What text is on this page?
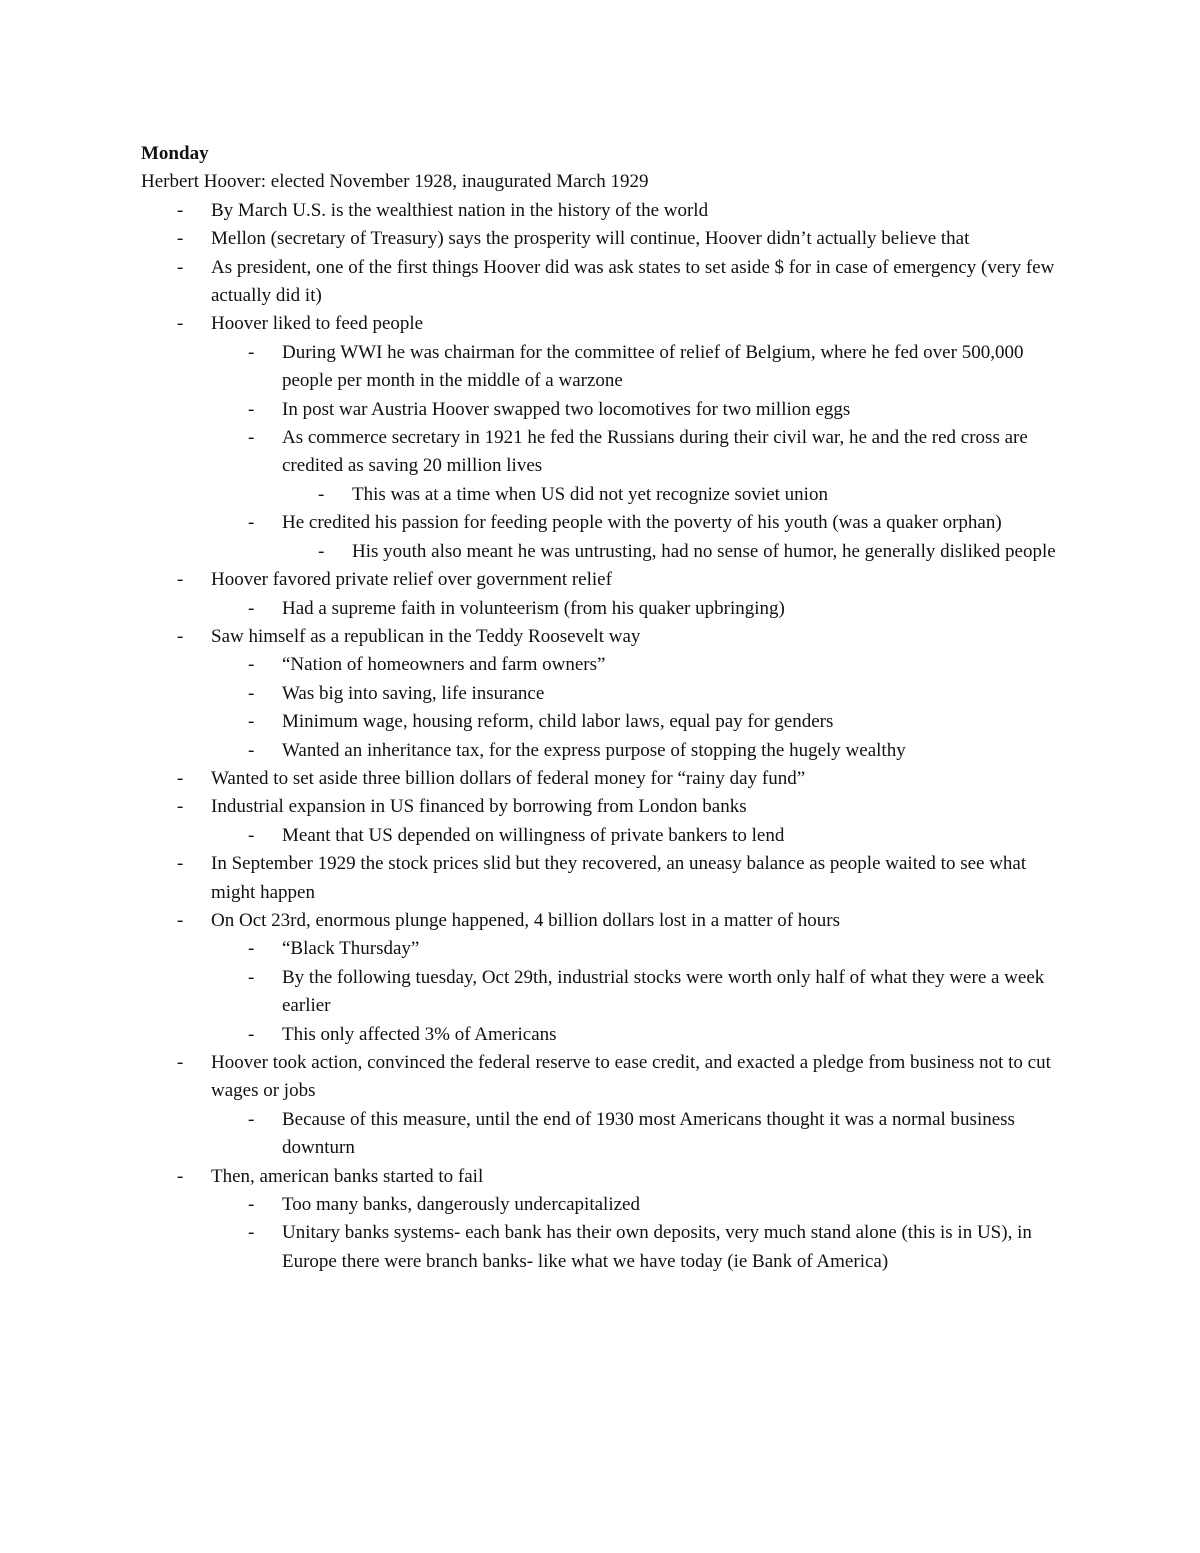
Monday

Herbert Hoover: elected November 1928, inaugurated March 1929

- By March U.S. is the wealthiest nation in the history of the world
- Mellon (secretary of Treasury) says the prosperity will continue, Hoover didn’t actually believe that
- As president, one of the first things Hoover did was ask states to set aside $ for in case of emergency (very few actually did it)
- Hoover liked to feed people
- During WWI he was chairman for the committee of relief of Belgium, where he fed over 500,000 people per month in the middle of a warzone
- In post war Austria Hoover swapped two locomotives for two million eggs
- As commerce secretary in 1921 he fed the Russians during their civil war, he and the red cross are credited as saving 20 million lives
- This was at a time when US did not yet recognize soviet union
- He credited his passion for feeding people with the poverty of his youth (was a quaker orphan)
- His youth also meant he was untrusting, had no sense of humor, he generally disliked people
- Hoover favored private relief over government relief
- Had a supreme faith in volunteerism (from his quaker upbringing)
- Saw himself as a republican in the Teddy Roosevelt way
- “Nation of homeowners and farm owners”
- Was big into saving, life insurance
- Minimum wage, housing reform, child labor laws, equal pay for genders
- Wanted an inheritance tax, for the express purpose of stopping the hugely wealthy
- Wanted to set aside three billion dollars of federal money for “rainy day fund”
- Industrial expansion in US financed by borrowing from London banks
- Meant that US depended on willingness of private bankers to lend
- In September 1929 the stock prices slid but they recovered, an uneasy balance as people waited to see what might happen
- On Oct 23rd, enormous plunge happened, 4 billion dollars lost in a matter of hours
- “Black Thursday”
- By the following tuesday, Oct 29th, industrial stocks were worth only half of what they were a week earlier
- This only affected 3% of Americans
- Hoover took action, convinced the federal reserve to ease credit, and exacted a pledge from business not to cut wages or jobs
- Because of this measure, until the end of 1930 most Americans thought it was a normal business downturn
- Then, american banks started to fail
- Too many banks, dangerously undercapitalized
- Unitary banks systems- each bank has their own deposits, very much stand alone (this is in US), in Europe there were branch banks- like what we have today (ie Bank of America)
